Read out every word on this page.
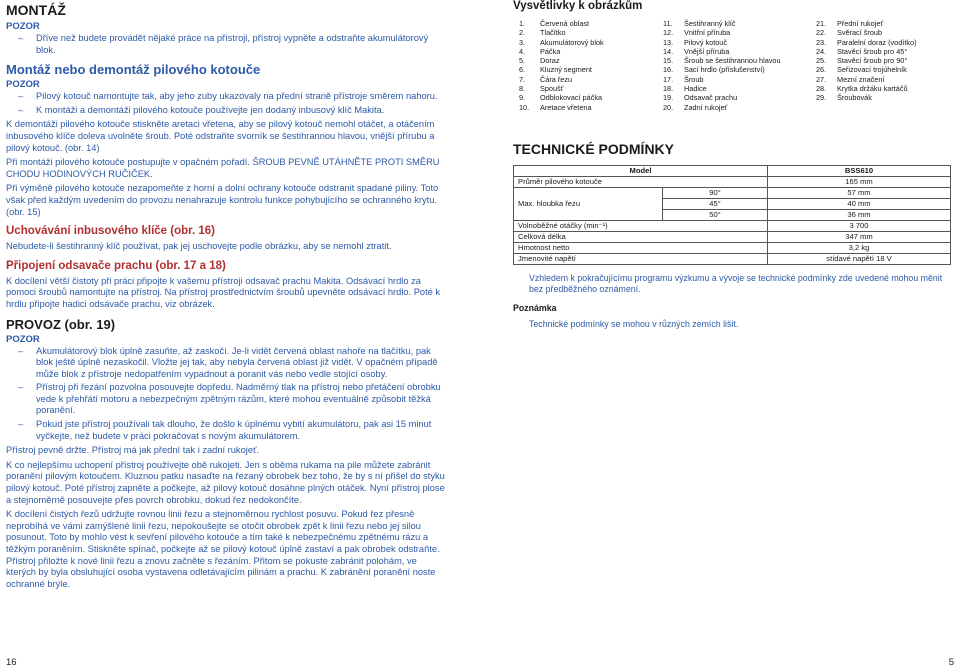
MONTÁŽ

POZOR

–	Dříve než budete provádět nějaké práce na přístroji, přístroj vypněte a odstraňte akumulátorový blok.
Montáž nebo demontáž pilového kotouče

POZOR

–	Pilový kotouč namontujte tak, aby jeho zuby ukazovaly na přední straně přístroje směrem nahoru.
–	K montáži a demontáži pilového kotouče používejte jen dodaný inbusový klíč Makita.

K demontáži pilového kotouče stiskněte aretaci vřetena, aby se pilový kotouč nemohl otáčet, a otáčením inbusového klíče doleva uvolněte šroub. Poté odstraňte svorník se šestihrannou hlavou, vnější přírubu a pilový kotouč. (obr. 14)

Při montáži pilového kotouče postupujte v opačném pořadí. ŠROUB PEVNĚ UTÁHNĚTE PROTI SMĚRU CHODU HODINOVÝCH RUČIČEK.

Při výměně pilového kotouče nezapomeňte z horní a dolní ochrany kotouče odstranit spadané piliny. Toto však před každým uvedením do provozu nenahrazuje kontrolu funkce pohybujícího se ochranného krytu. (obr. 15)

Uchovávání inbusového klíče (obr. 16)

Nebudete-li šestihranný klíč používat, pak jej uschovejte podle obrázku, aby se nemohl ztratit.

Připojení odsavače prachu (obr. 17 a 18)

K docílení větší čistoty při práci připojte k vašemu přístroji odsavač prachu Makita. Odsávací hrdlo za pomoci šroubů namontujte na přístroj. Na přístroj prostřednictvím šroubů upevněte odsávací hrdlo. Poté k hrdlu připojte hadici odsávače prachu, viz obrázek.

PROVOZ (obr. 19)

POZOR

–	Akumulátorový blok úplně zasuňte, až zaskočí. Je-li vidět červená oblast nahoře na tlačítku, pak blok ještě úplně nezaskočil. Vložte jej tak, aby nebyla červená oblast již vidět. V opačném případě může blok z přístroje nedopatřením vypadnout a poranit vás nebo vedle stojící osoby.
–	Přístroj při řezání pozvolna posouvejte dopředu. Nadměrný tlak na přístroj nebo přetáčení obrobku vede k přehřátí motoru a nebezpečným zpětným rázům, které mohou eventuálně způsobit těžká poranění.
–	Pokud jste přístroj používali tak dlouho, že došlo k úplnému vybití akumulátoru, pak asi 15 minut vyčkejte, než budete v práci pokračovat s novým akumulátorem.

Přístroj pevně držte. Přístroj má jak přední tak i zadní rukojeť.

K co nejlepšímu uchopení přístroj používejte obě rukojeti. Jen s oběma rukama na pile můžete zabránit poranění pilovým kotoučem. Kluznou patku nasaďte na řezaný obrobek bez toho, že by s ní přišel do styku pilový kotouč. Poté přístroj zapněte a počkejte, až pilový kotouč dosáhne plných otáček. Nyní přístroj plose a stejnoměrně posouvejte přes povrch obrobku, dokud řez nedokončíte.

K docílení čistých řezů udržujte rovnou linii řezu a stejnoměrnou rychlost posuvu. Pokud řez přesně neprobíhá ve vámi zamýšlené linii řezu, nepokoušejte se otočit obrobek zpět k linii řezu nebo jej silou posunout. Toto by mohlo vést k sevření pilového kotouče a tím také k nebezpečnému zpětnému rázu a těžkým poraněním. Stiskněte spínač, počkejte až se pilový kotouč úplně zastaví a pak obrobek odstraňte. Přístroj přiložte k nové linii řezu a znovu začněte s řezáním. Přitom se pokuste zabránit polohám, ve kterých by byla obsluhující osoba vystavena odletávajícím pilinám a prachu. K zabránění poranění noste ochranné brýle.

Vysvětlivky k obrázkům
1.	Červená oblast
2.	Tlačítko
3.	Akumulátorový blok
4.	Páčka
5.	Doraz
6.	Kluzný segment
7.	Čára řezu
8.	Spoušť
9.	Odblokovací páčka
10.	Aretace vřetena
11.	Šestihranný klíč
12.	Vnitřní příruba
13.	Pilový kotouč
14.	Vnější příruba
15.	Šroub se šestihrannou hlavou
16.	Sací hrdlo (příslušenství)
17.	Šroub
18.	Hadice
19.	Odsavač prachu
20.	Zadní rukojeť
21.	Přední rukojeť
22.	Svěrací šroub
23.	Paralelní doraz (vodítko)
24.	Stavěcí šroub pro 45°
25.	Stavěcí šroub pro 90°
26.	Seřizovací trojúhelník
27.	Mezní značení
28.	Krytka držáku kartáčů
29.	Šroubovák
TECHNICKÉ PODMÍNKY
Model		BSS610
Průměr pilového kotouče		165 mm
Max. hloubka řezu	90°	57 mm
	45°	40 mm
	50°	36 mm
Volnoběžné otáčky (min⁻¹)		3 700
Celková délka		347 mm
Hmotnost netto		3,2 kg
Jmenovité napětí		stídavé napětí 18 V
Vzhledem k pokračujícímu programu výzkumu a vývoje se technické podmínky zde uvedené mohou měnit bez předběžného oznámení.
Poznámka
Technické podmínky se mohou v různých zemích lišit.
16	5
